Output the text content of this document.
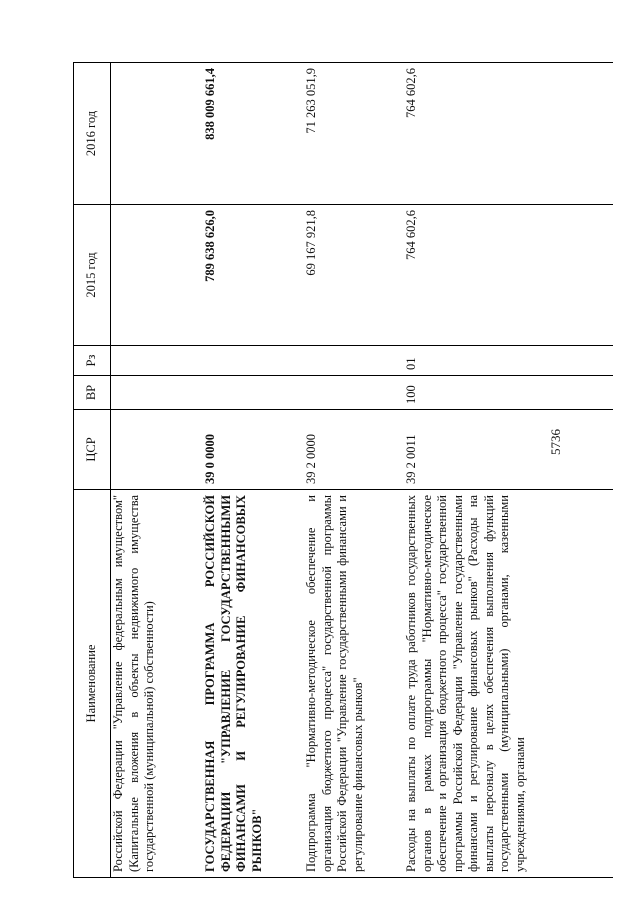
5736
Наименование	ЦСР	ВР	Рз	2015 год	2016 год
Российской Федерации "Управление федеральным имуществом" (Капитальные вложения в объекты недвижимого имущества государственной (муниципальной) собственности)					
ГОСУДАРСТВЕННАЯ ПРОГРАММА РОССИЙСКОЙ ФЕДЕРАЦИИ "УПРАВЛЕНИЕ ГОСУДАРСТВЕННЫМИ ФИНАНСАМИ И РЕГУЛИРОВАНИЕ ФИНАНСОВЫХ РЫНКОВ"	39 0 0000			789 638 626,0	838 009 661,4
Подпрограмма "Нормативно-методическое обеспечение и организация бюджетного процесса" государственной программы Российской Федерации "Управление государственными финансами и регулирование финансовых рынков"	39 2 0000			69 167 921,8	71 263 051,9
Расходы на выплаты по оплате труда работников государственных органов в рамках подпрограммы "Нормативно-методическое обеспечение и организация бюджетного процесса" государственной программы Российской Федерации "Управление государственными финансами и регулирование финансовых рынков" (Расходы на выплаты персоналу в целях обеспечения выполнения функций государственными (муниципальными) органами, казенными учреждениями, органами	39 2 0011	100	01	764 602,6	764 602,6
